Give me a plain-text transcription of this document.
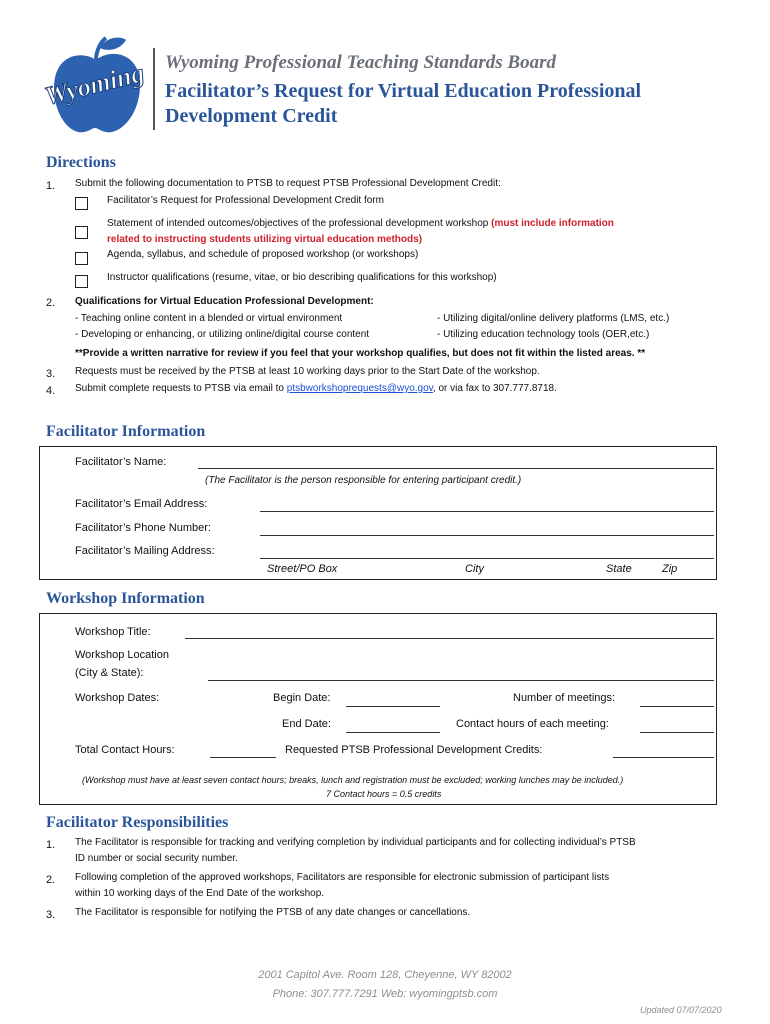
Wyoming Wyoming Professional Teaching Standards Board
Facilitator’s Request for Virtual Education Professional
Development Credit
Directions
1. Submit the following documentation to PTSB to request PTSB Professional Development Credit:
Facilitator’s Request for Professional Development Credit form
Statement of intended outcomes/objectives of the professional development workshop (must include information
related to instructing students utilizing virtual education methods)
Agenda, syllabus, and schedule of proposed workshop (or workshops)
Instructor qualifications (resume, vitae, or bio describing qualifications for this workshop)
2. Qualifications for Virtual Education Professional Development:
- Teaching online content in a blended or virtual environment	- Utilizing digital/online delivery platforms (LMS, etc.)
- Developing or enhancing, or utilizing online/digital course content	- Utilizing education technology tools (OER,etc.)
**Provide a written narrative for review if you feel that your workshop qualifies, but does not fit within the listed areas. **
3. Requests must be received by the PTSB at least 10 working days prior to the Start Date of the workshop.
4. Submit complete requests to PTSB via email to ptsbworkshoprequests@wyo.gov, or via fax to 307.777.8718.
Facilitator Information
Facilitator’s Name:
(The Facilitator is the person responsible for entering participant credit.)
Facilitator’s Email Address:
Facilitator’s Phone Number:
Facilitator’s Mailing Address:
Street/PO Box	City	State	Zip
Workshop Information
Workshop Title:
Workshop Location
(City & State):
Workshop Dates:	Begin Date:	Number of meetings:
End Date:	Contact hours of each meeting:
Total Contact Hours:	Requested PTSB Professional Development Credits:
(Workshop must have at least seven contact hours; breaks, lunch and registration must be excluded; working lunches may be included.)
7 Contact hours = 0.5 credits
Facilitator Responsibilities
1. The Facilitator is responsible for tracking and verifying completion by individual participants and for collecting individual’s PTSB
ID number or social security number.
2. Following completion of the approved workshops, Facilitators are responsible for electronic submission of participant lists
within 10 working days of the End Date of the workshop.
3. The Facilitator is responsible for notifying the PTSB of any date changes or cancellations.
2001 Capitol Ave. Room 128, Cheyenne, WY 82002
Phone: 307.777.7291 Web: wyomingptsb.com
Updated 07/07/2020
